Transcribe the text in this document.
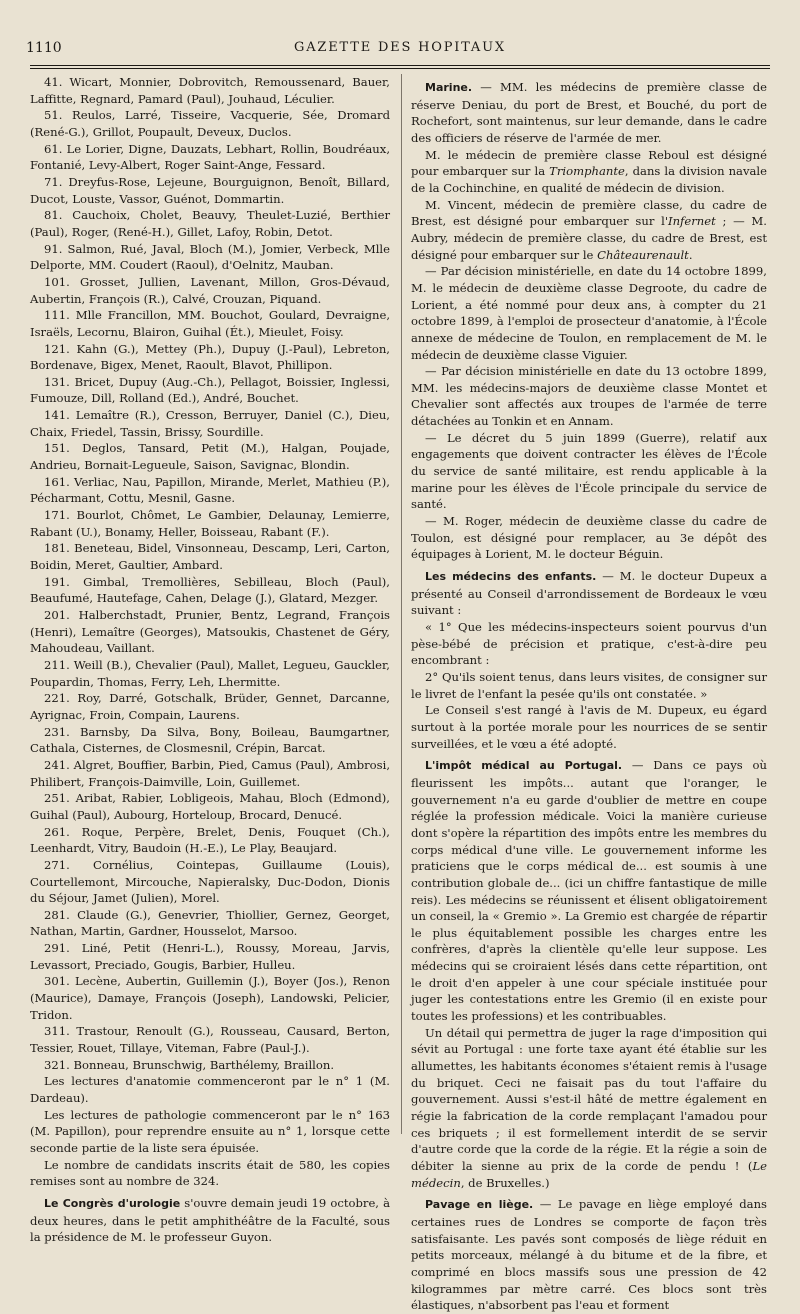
1110	GAZETTE DES HOPITAUX

41. Wicart, Monnier, Dobrovitch, Remoussenard, Bauer, Laffitte, Regnard, Pamard (Paul), Jouhaud, Léculier.

51. Reulos, Larré, Tisseire, Vacquerie, Sée, Dromard (René-G.), Grillot, Poupault, Deveux, Duclos.

61. Le Lorier, Digne, Dauzats, Lebhart, Rollin, Boudréaux, Fontanié, Levy-Albert, Roger Saint-Ange, Fessard.

71. Dreyfus-Rose, Lejeune, Bourguignon, Benoît, Billard, Ducot, Louste, Vassor, Guénot, Dommartin.

81. Cauchoix, Cholet, Beauvy, Theulet-Luzié, Berthier (Paul), Roger, (René-H.), Gillet, Lafoy, Robin, Detot.

91. Salmon, Rué, Javal, Bloch (M.), Jomier, Verbeck, Mlle Delporte, MM. Coudert (Raoul), d'Oelnitz, Mauban.

101. Grosset, Jullien, Lavenant, Millon, Gros-Dévaud, Aubertin, François (R.), Calvé, Crouzan, Piquand.

111. Mlle Francillon, MM. Bouchot, Goulard, Devraigne, Israëls, Lecornu, Blairon, Guihal (Ét.), Mieulet, Foisy.

121. Kahn (G.), Mettey (Ph.), Dupuy (J.-Paul), Lebreton, Bordenave, Bigex, Menet, Raoult, Blavot, Phillipon.

131. Bricet, Dupuy (Aug.-Ch.), Pellagot, Boissier, Inglessi, Fumouze, Dill, Rolland (Ed.), André, Bouchet.

141. Lemaître (R.), Cresson, Berruyer, Daniel (C.), Dieu, Chaix, Friedel, Tassin, Brissy, Sourdille.

151. Deglos, Tansard, Petit (M.), Halgan, Poujade, Andrieu, Bornait-Legueule, Saison, Savignac, Blondin.

161. Verliac, Nau, Papillon, Mirande, Merlet, Mathieu (P.), Pécharmant, Cottu, Mesnil, Gasne.

171. Bourlot, Chômet, Le Gambier, Delaunay, Lemierre, Rabant (U.), Bonamy, Heller, Boisseau, Rabant (F.).

181. Beneteau, Bidel, Vinsonneau, Descamp, Leri, Carton, Boidin, Meret, Gaultier, Ambard.

191. Gimbal, Tremollières, Sebilleau, Bloch (Paul), Beaufumé, Hautefage, Cahen, Delage (J.), Glatard, Mezger.

201. Halberchstadt, Prunier, Bentz, Legrand, François (Henri), Lemaître (Georges), Matsoukis, Chastenet de Géry, Mahoudeau, Vaillant.

211. Weill (B.), Chevalier (Paul), Mallet, Legueu, Gauckler, Poupardin, Thomas, Ferry, Leh, Lhermitte.

221. Roy, Darré, Gotschalk, Brüder, Gennet, Darcanne, Ayrignac, Froin, Compain, Laurens.

231. Barnsby, Da Silva, Bony, Boileau, Baumgartner, Cathala, Cisternes, de Closmesnil, Crépin, Barcat.

241. Algret, Bouffier, Barbin, Pied, Camus (Paul), Ambrosi, Philibert, François-Daimville, Loin, Guillemet.

251. Aribat, Rabier, Lobligeois, Mahau, Bloch (Edmond), Guihal (Paul), Aubourg, Horteloup, Brocard, Denucé.

261. Roque, Perpère, Brelet, Denis, Fouquet (Ch.), Leenhardt, Vitry, Baudoin (H.-E.), Le Play, Beaujard.

271. Cornélius, Cointepas, Guillaume (Louis), Courtellemont, Mircouche, Napieralsky, Duc-Dodon, Dionis du Séjour, Jamet (Julien), Morel.

281. Claude (G.), Genevrier, Thiollier, Gernez, Georget, Nathan, Martin, Gardner, Housselot, Marsoo.

291. Liné, Petit (Henri-L.), Roussy, Moreau, Jarvis, Levassort, Preciado, Gougis, Barbier, Hulleu.

301. Lecène, Aubertin, Guillemin (J.), Boyer (Jos.), Renon (Maurice), Damaye, François (Joseph), Landowski, Pelicier, Tridon.

311. Trastour, Renoult (G.), Rousseau, Causard, Berton, Tessier, Rouet, Tillaye, Viteman, Fabre (Paul-J.).

321. Bonneau, Brunschwig, Barthélemy, Braillon.

Les lectures d'anatomie commenceront par le n° 1 (M. Dardeau).

Les lectures de pathologie commenceront par le n° 163 (M. Papillon), pour reprendre ensuite au n° 1, lorsque cette seconde partie de la liste sera épuisée.

Le nombre de candidats inscrits était de 580, les copies remises sont au nombre de 324.

Le Congrès d'urologie s'ouvre demain jeudi 19 octobre, à deux heures, dans le petit amphithéâtre de la Faculté, sous la présidence de M. le professeur Guyon.

Marine. — MM. les médecins de première classe de réserve Deniau, du port de Brest, et Bouché, du port de Rochefort, sont maintenus, sur leur demande, dans le cadre des officiers de réserve de l'armée de mer.

M. le médecin de première classe Reboul est désigné pour embarquer sur la Triomphante, dans la division navale de la Cochinchine, en qualité de médecin de division.

M. Vincent, médecin de première classe, du cadre de Brest, est désigné pour embarquer sur l'Infernet ; — M. Aubry, médecin de première classe, du cadre de Brest, est désigné pour embarquer sur le Châteaurenault.

— Par décision ministérielle, en date du 14 octobre 1899, M. le médecin de deuxième classe Degroote, du cadre de Lorient, a été nommé pour deux ans, à compter du 21 octobre 1899, à l'emploi de prosecteur d'anatomie, à l'École annexe de médecine de Toulon, en remplacement de M. le médecin de deuxième classe Viguier.

— Par décision ministérielle en date du 13 octobre 1899, MM. les médecins-majors de deuxième classe Montet et Chevalier sont affectés aux troupes de l'armée de terre détachées au Tonkin et en Annam.

— Le décret du 5 juin 1899 (Guerre), relatif aux engagements que doivent contracter les élèves de l'École du service de santé militaire, est rendu applicable à la marine pour les élèves de l'École principale du service de santé.

— M. Roger, médecin de deuxième classe du cadre de Toulon, est désigné pour remplacer, au 3e dépôt des équipages à Lorient, M. le docteur Béguin.

Les médecins des enfants. — M. le docteur Dupeux a présenté au Conseil d'arrondissement de Bordeaux le vœu suivant :

« 1° Que les médecins-inspecteurs soient pourvus d'un pèse-bébé de précision et pratique, c'est-à-dire peu encombrant :

2° Qu'ils soient tenus, dans leurs visites, de consigner sur le livret de l'enfant la pesée qu'ils ont constatée. »

Le Conseil s'est rangé à l'avis de M. Dupeux, eu égard surtout à la portée morale pour les nourrices de se sentir surveillées, et le vœu a été adopté.

L'impôt médical au Portugal. — Dans ce pays où fleurissent les impôts... autant que l'oranger, le gouvernement n'a eu garde d'oublier de mettre en coupe réglée la profession médicale. Voici la manière curieuse dont s'opère la répartition des impôts entre les membres du corps médical d'une ville. Le gouvernement informe les praticiens que le corps médical de... est soumis à une contribution globale de... (ici un chiffre fantastique de mille reis). Les médecins se réunissent et élisent obligatoirement un conseil, la « Gremio ». La Gremio est chargée de répartir le plus équitablement possible les charges entre les confrères, d'après la clientèle qu'elle leur suppose. Les médecins qui se croiraient lésés dans cette répartition, ont le droit d'en appeler à une cour spéciale instituée pour juger les contestations entre les Gremio (il en existe pour toutes les professions) et les contribuables.

Un détail qui permettra de juger la rage d'imposition qui sévit au Portugal : une forte taxe ayant été établie sur les allumettes, les habitants économes s'étaient remis à l'usage du briquet. Ceci ne faisait pas du tout l'affaire du gouvernement. Aussi s'est-il hâté de mettre également en régie la fabrication de la corde remplaçant l'amadou pour ces briquets ; il est formellement interdit de se servir d'autre corde que la corde de la régie. Et la régie a soin de débiter la sienne au prix de la corde de pendu ! (Le médecin, de Bruxelles.)

Pavage en liège. — Le pavage en liège employé dans certaines rues de Londres se comporte de façon très satisfaisante. Les pavés sont composés de liège réduit en petits morceaux, mélangé à du bitume et de la fibre, et comprimé en blocs massifs sous une pression de 42 kilogrammes par mètre carré. Ces blocs sont très élastiques, n'absorbent pas l'eau et forment
